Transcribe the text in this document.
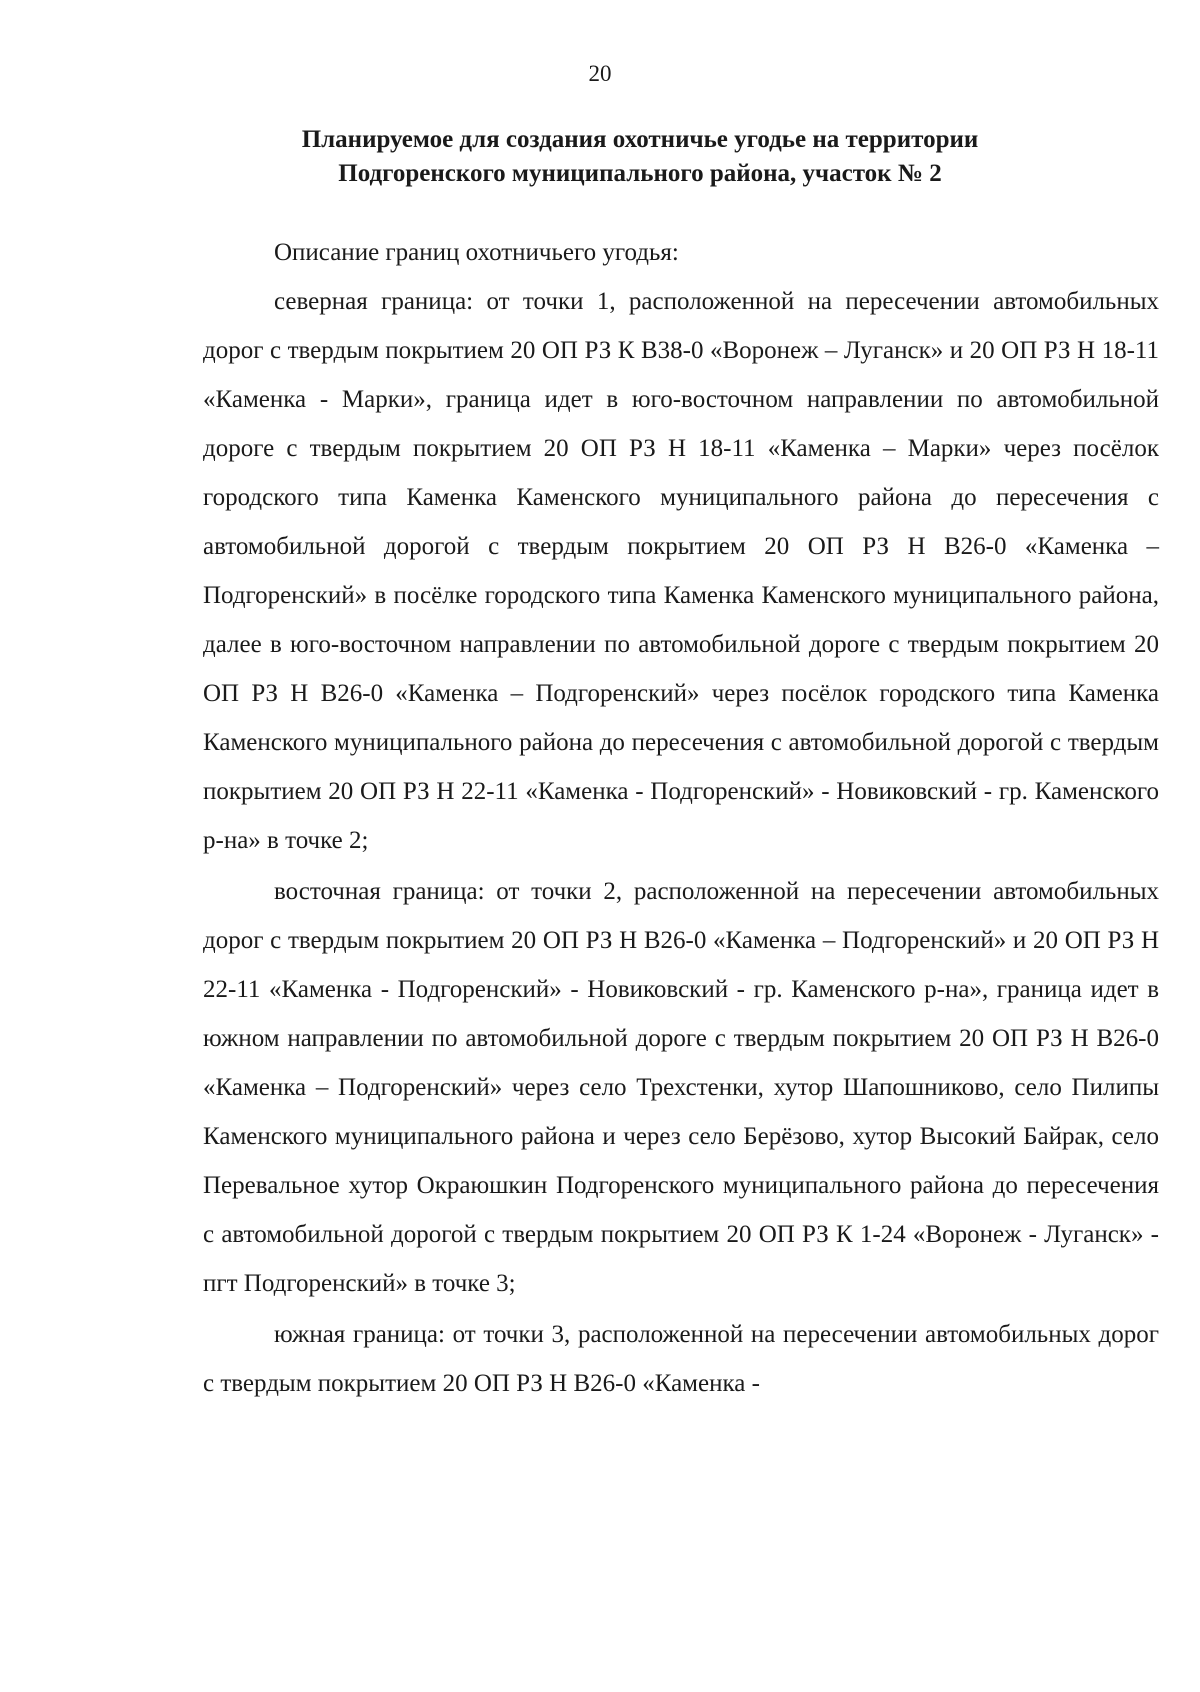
20
Планируемое для создания охотничье угодье на территории
Подгоренского муниципального района, участок № 2

Описание границ охотничьего угодья:

северная граница: от точки 1, расположенной на пересечении автомобильных дорог с твердым покрытием 20 ОП РЗ К В38-0 «Воронеж – Луганск» и 20 ОП РЗ Н 18-11 «Каменка - Марки», граница идет в юго-восточном направлении по автомобильной дороге с твердым покрытием 20 ОП РЗ Н 18-11 «Каменка – Марки» через посёлок городского типа Каменка Каменского муниципального района до пересечения с автомобильной дорогой с твердым покрытием 20 ОП РЗ Н В26-0 «Каменка – Подгоренский» в посёлке городского типа Каменка Каменского муниципального района, далее в юго-восточном направлении по автомобильной дороге с твердым покрытием 20 ОП РЗ Н В26-0 «Каменка – Подгоренский» через посёлок городского типа Каменка Каменского муниципального района до пересечения с автомобильной дорогой с твердым покрытием 20 ОП РЗ Н 22-11 «Каменка - Подгоренский» - Новиковский - гр. Каменского р-на» в точке 2;

восточная граница: от точки 2, расположенной на пересечении автомобильных дорог с твердым покрытием 20 ОП РЗ Н В26-0 «Каменка – Подгоренский» и 20 ОП РЗ Н 22-11 «Каменка - Подгоренский» - Новиковский - гр. Каменского р-на», граница идет в южном направлении по автомобильной дороге с твердым покрытием 20 ОП РЗ Н В26-0 «Каменка – Подгоренский» через село Трехстенки, хутор Шапошниково, село Пилипы Каменского муниципального района и через село Берёзово, хутор Высокий Байрак, село Перевальное хутор Окраюшкин Подгоренского муниципального района до пересечения с автомобильной дорогой с твердым покрытием 20 ОП РЗ К 1-24 «Воронеж - Луганск» - пгт Подгоренский» в точке 3;

южная граница: от точки 3, расположенной на пересечении автомобильных дорог с твердым покрытием 20 ОП РЗ Н В26-0 «Каменка -
